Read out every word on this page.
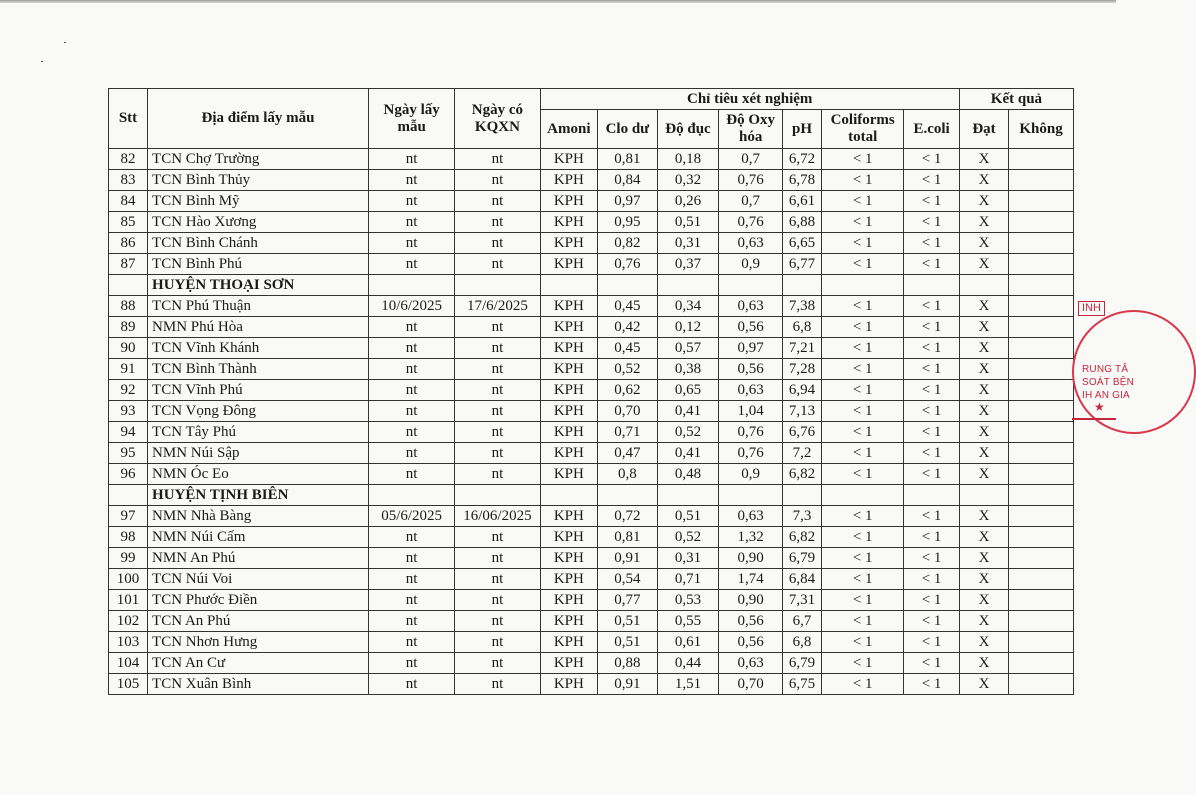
Stt	Địa điểm lấy mẫu	Ngày lấy mẫu	Ngày có KQXN	Chỉ tiêu xét nghiệm							Kết quả	
				Amoni	Clo dư	Độ đục	Độ Oxy hóa	pH	Coliforms total	E.coli	Đạt	Không
82	TCN Chợ Trường	nt	nt	KPH	0,81	0,18	0,7	6,72	< 1	< 1	X	
83	TCN Bình Thủy	nt	nt	KPH	0,84	0,32	0,76	6,78	< 1	< 1	X	
84	TCN Bình Mỹ	nt	nt	KPH	0,97	0,26	0,7	6,61	< 1	< 1	X	
85	TCN Hào Xương	nt	nt	KPH	0,95	0,51	0,76	6,88	< 1	< 1	X	
86	TCN Bình Chánh	nt	nt	KPH	0,82	0,31	0,63	6,65	< 1	< 1	X	
87	TCN Bình Phú	nt	nt	KPH	0,76	0,37	0,9	6,77	< 1	< 1	X	
	HUYỆN THOẠI SƠN											
88	TCN Phú Thuận	10/6/2025	17/6/2025	KPH	0,45	0,34	0,63	7,38	< 1	< 1	X	
89	NMN Phú Hòa	nt	nt	KPH	0,42	0,12	0,56	6,8	< 1	< 1	X	
90	TCN Vĩnh Khánh	nt	nt	KPH	0,45	0,57	0,97	7,21	< 1	< 1	X	
91	TCN Bình Thành	nt	nt	KPH	0,52	0,38	0,56	7,28	< 1	< 1	X	
92	TCN Vĩnh Phú	nt	nt	KPH	0,62	0,65	0,63	6,94	< 1	< 1	X	
93	TCN Vọng Đông	nt	nt	KPH	0,70	0,41	1,04	7,13	< 1	< 1	X	
94	TCN Tây Phú	nt	nt	KPH	0,71	0,52	0,76	6,76	< 1	< 1	X	
95	NMN Núi Sập	nt	nt	KPH	0,47	0,41	0,76	7,2	< 1	< 1	X	
96	NMN Óc Eo	nt	nt	KPH	0,8	0,48	0,9	6,82	< 1	< 1	X	
	HUYỆN TỊNH BIÊN											
97	NMN Nhà Bàng	05/6/2025	16/06/2025	KPH	0,72	0,51	0,63	7,3	< 1	< 1	X	
98	NMN Núi Cấm	nt	nt	KPH	0,81	0,52	1,32	6,82	< 1	< 1	X	
99	NMN An Phú	nt	nt	KPH	0,91	0,31	0,90	6,79	< 1	< 1	X	
100	TCN Núi Voi	nt	nt	KPH	0,54	0,71	1,74	6,84	< 1	< 1	X	
101	TCN Phước Điền	nt	nt	KPH	0,77	0,53	0,90	7,31	< 1	< 1	X	
102	TCN An Phú	nt	nt	KPH	0,51	0,55	0,56	6,7	< 1	< 1	X	
103	TCN Nhơn Hưng	nt	nt	KPH	0,51	0,61	0,56	6,8	< 1	< 1	X	
104	TCN An Cư	nt	nt	KPH	0,88	0,44	0,63	6,79	< 1	< 1	X	
105	TCN Xuân Bình	nt	nt	KPH	0,91	1,51	0,70	6,75	< 1	< 1	X	
INH
RUNG TÂ
SOÁT BỆN
IH AN GIA
★
